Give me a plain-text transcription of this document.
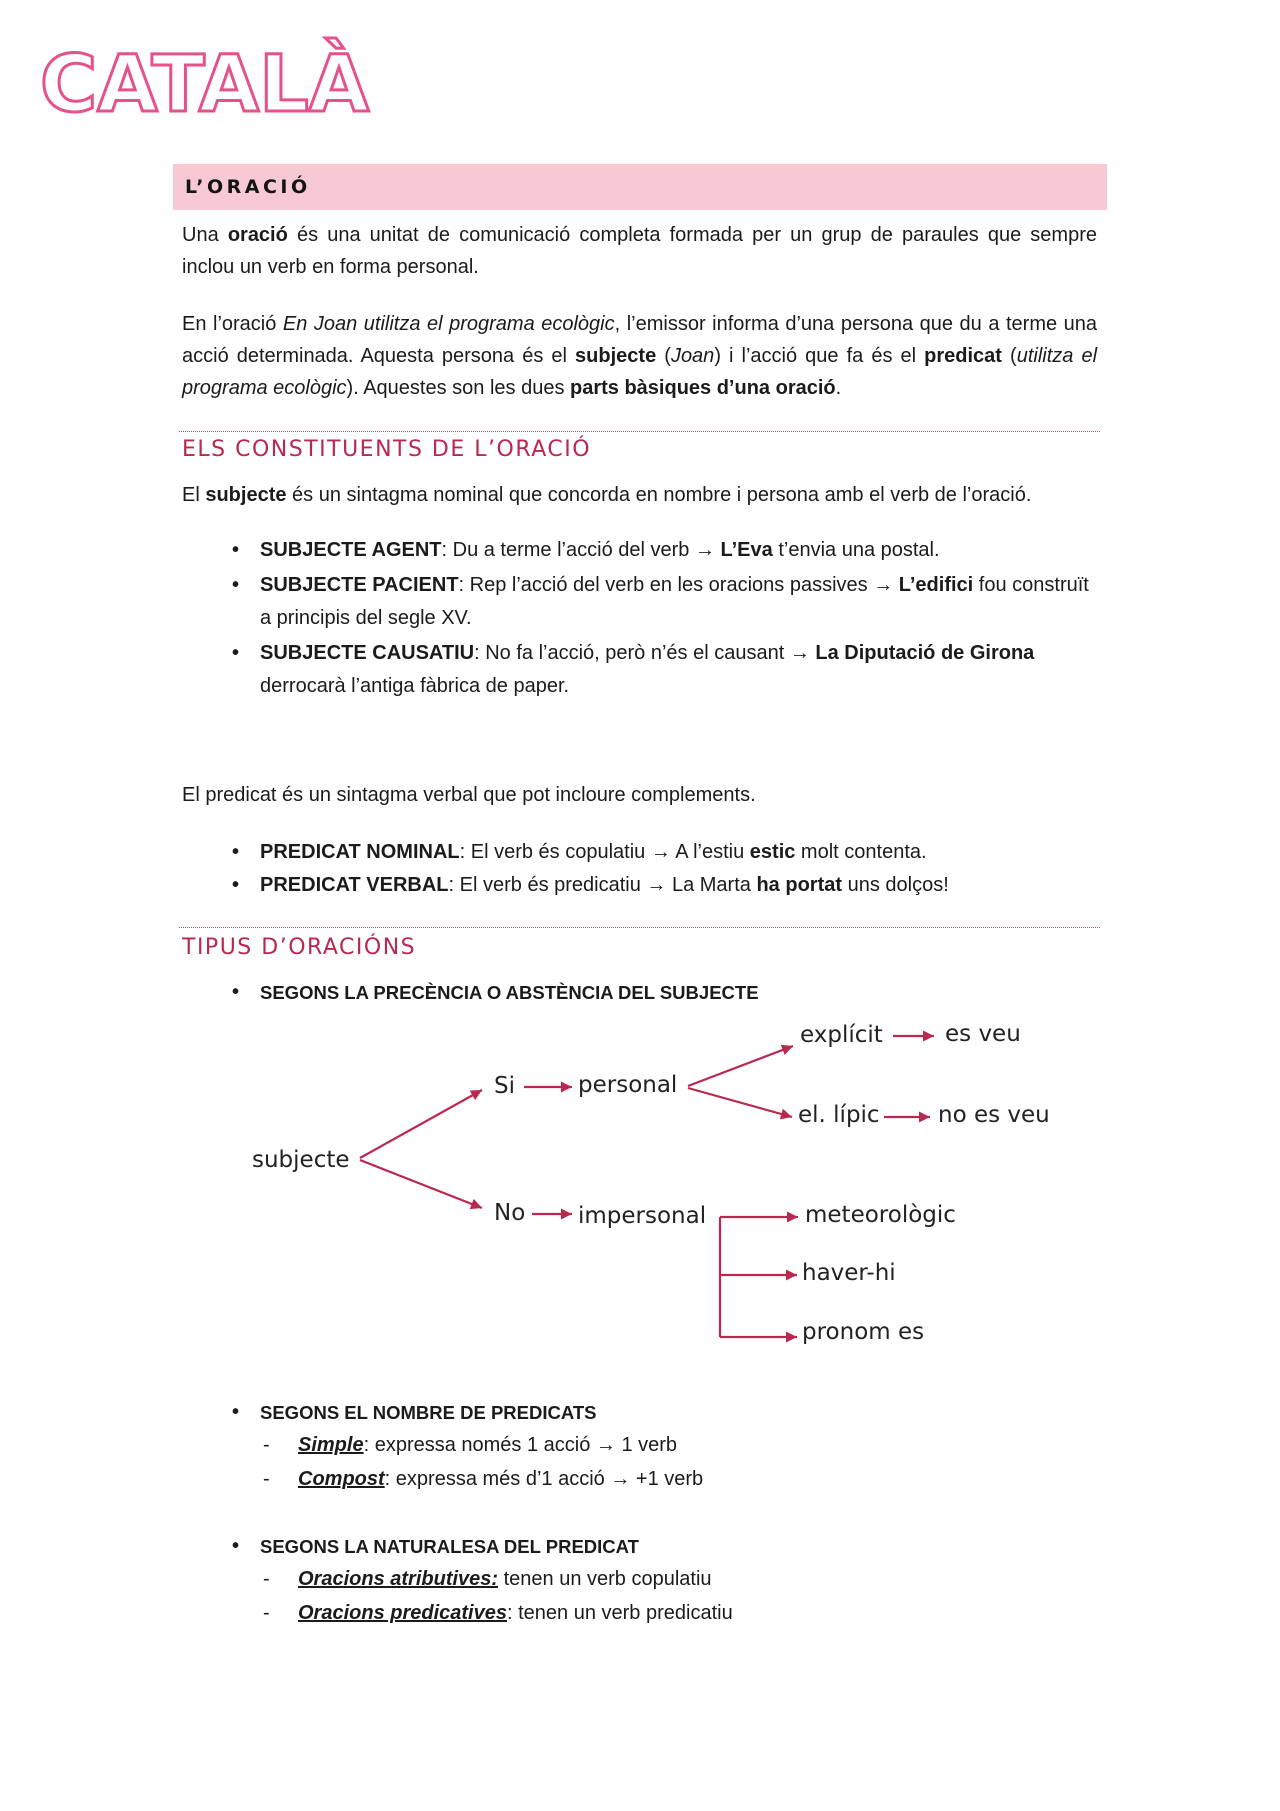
CATALÀ
L’ORACIÓ
Una oració és una unitat de comunicació completa formada per un grup de paraules que sempre inclou un verb en forma personal.
En l’oració En Joan utilitza el programa ecològic, l’emissor informa d’una persona que du a terme una acció determinada. Aquesta persona és el subjecte (Joan) i l’acció que fa és el predicat (utilitza el programa ecològic). Aquestes son les dues parts bàsiques d’una oració.
ELS CONSTITUENTS DE L’ORACIÓ
El subjecte és un sintagma nominal que concorda en nombre i persona amb el verb de l’oració.
•
SUBJECTE AGENT: Du a terme l’acció del verb → L’Eva t’envia una postal.
•
SUBJECTE PACIENT: Rep l’acció del verb en les oracions passives → L’edifici fou construït a principis del segle XV.
•
SUBJECTE CAUSATIU: No fa l’acció, però n’és el causant → La Diputació de Girona derrocarà l’antiga fàbrica de paper.
El predicat és un sintagma verbal que pot incloure complements.
•
PREDICAT NOMINAL: El verb és copulatiu → A l’estiu estic molt contenta.
•
PREDICAT VERBAL: El verb és predicatiu → La Marta ha portat uns dolços!
TIPUS D’ORACIÓNS
•
SEGONS LA PRECÈNCIA O ABSTÈNCIA DEL SUBJECTE
subjecte
Si	personal
explícit	es veu
el. lípic	no es veu
No impersonal	meteorològic
haver-hi
pronom es
•
SEGONS EL NOMBRE DE PREDICATS
-
Simple: expressa només 1 acció → 1 verb
-
Compost: expressa més d’1 acció → +1 verb
•
SEGONS LA NATURALESA DEL PREDICAT
-
Oracions atributives: tenen un verb copulatiu
-
Oracions predicatives: tenen un verb predicatiu
